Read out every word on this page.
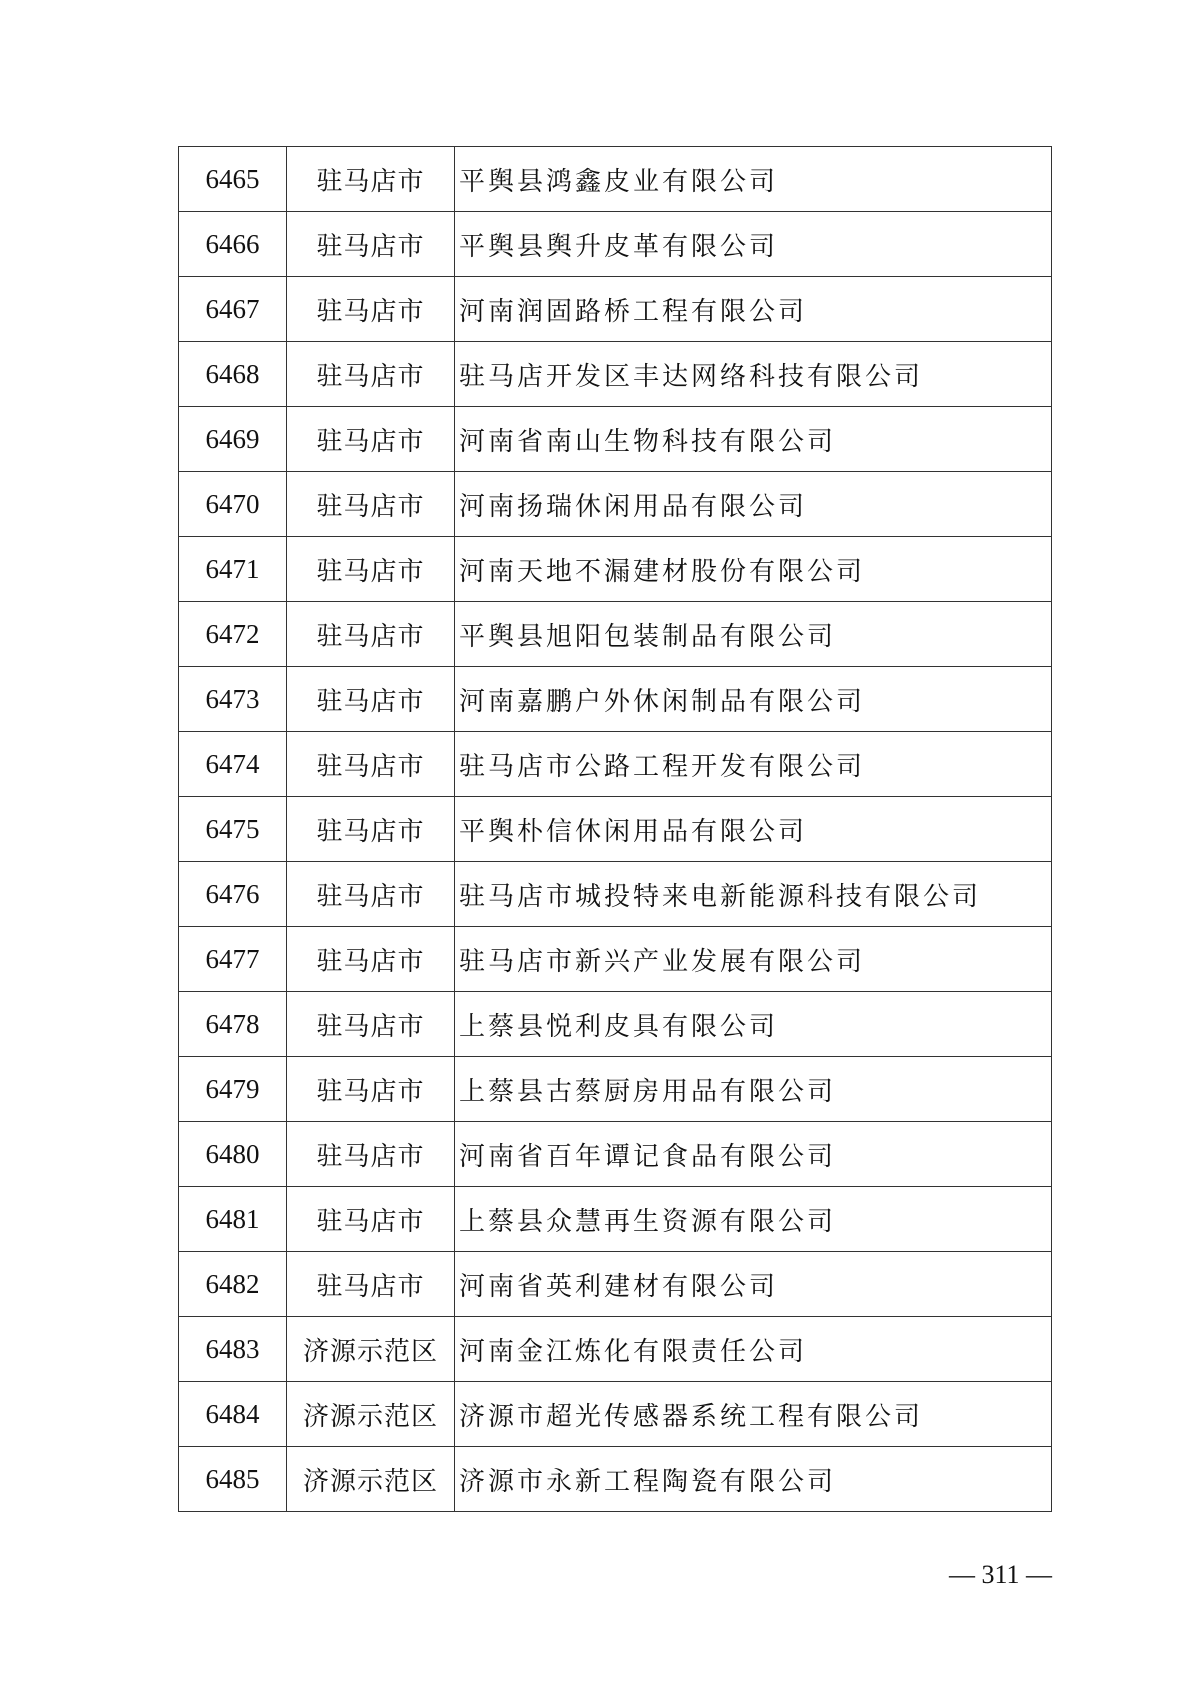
6465	驻马店市	平舆县鸿鑫皮业有限公司
6466	驻马店市	平舆县舆升皮革有限公司
6467	驻马店市	河南润固路桥工程有限公司
6468	驻马店市	驻马店开发区丰达网络科技有限公司
6469	驻马店市	河南省南山生物科技有限公司
6470	驻马店市	河南扬瑞休闲用品有限公司
6471	驻马店市	河南天地不漏建材股份有限公司
6472	驻马店市	平舆县旭阳包装制品有限公司
6473	驻马店市	河南嘉鹏户外休闲制品有限公司
6474	驻马店市	驻马店市公路工程开发有限公司
6475	驻马店市	平舆朴信休闲用品有限公司
6476	驻马店市	驻马店市城投特来电新能源科技有限公司
6477	驻马店市	驻马店市新兴产业发展有限公司
6478	驻马店市	上蔡县悦利皮具有限公司
6479	驻马店市	上蔡县古蔡厨房用品有限公司
6480	驻马店市	河南省百年谭记食品有限公司
6481	驻马店市	上蔡县众慧再生资源有限公司
6482	驻马店市	河南省英利建材有限公司
6483	济源示范区	河南金江炼化有限责任公司
6484	济源示范区	济源市超光传感器系统工程有限公司
6485	济源示范区	济源市永新工程陶瓷有限公司
— 311 —
